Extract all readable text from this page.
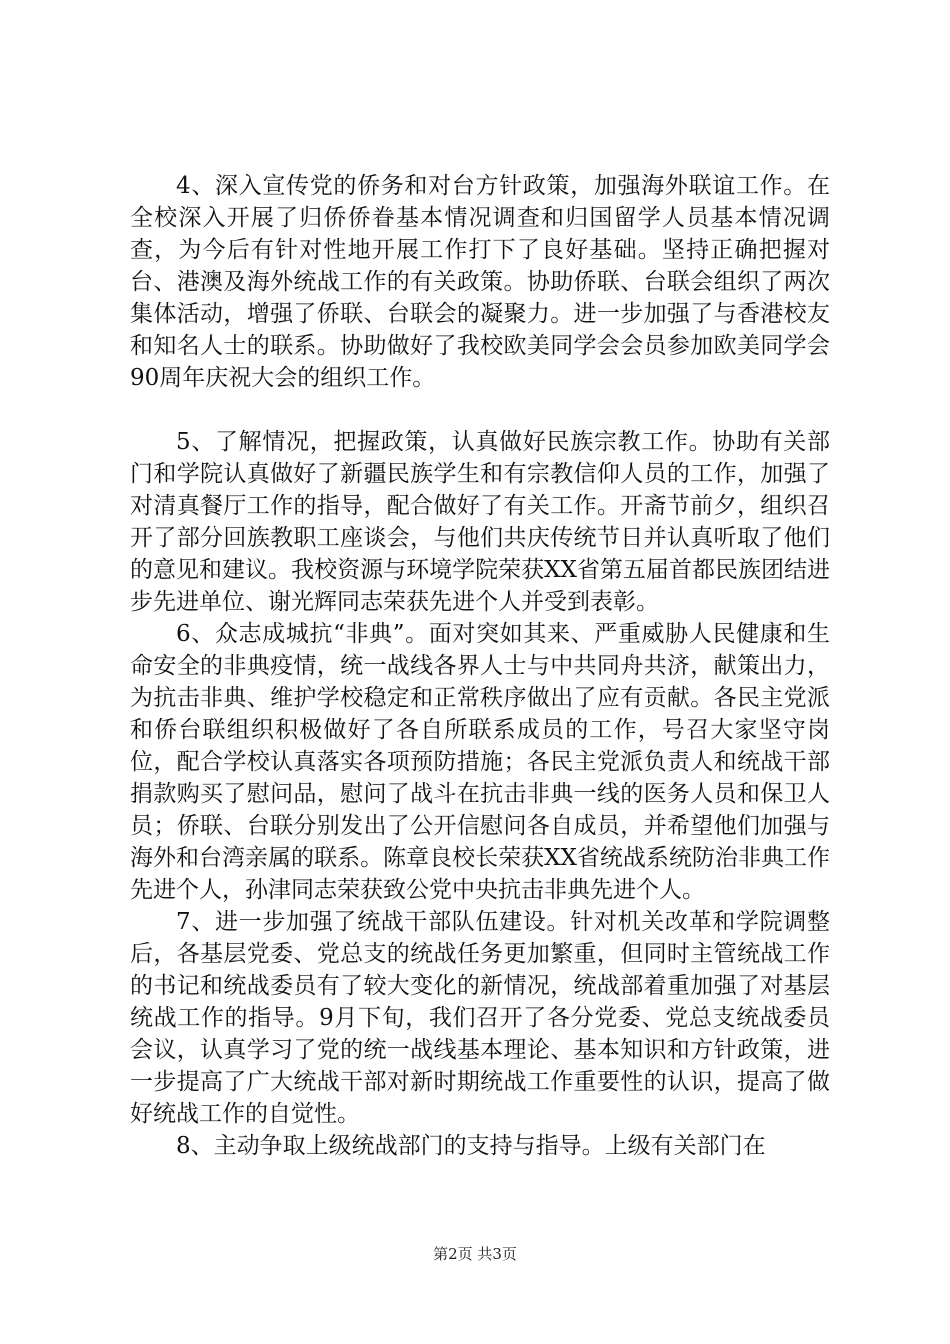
4、深入宣传党的侨务和对台方针政策，加强海外联谊工作。在全校深入开展了归侨侨眷基本情况调查和归国留学人员基本情况调查，为今后有针对性地开展工作打下了良好基础。坚持正确把握对台、港澳及海外统战工作的有关政策。协助侨联、台联会组织了两次集体活动，增强了侨联、台联会的凝聚力。进一步加强了与香港校友和知名人士的联系。协助做好了我校欧美同学会会员参加欧美同学会90周年庆祝大会的组织工作。

5、了解情况，把握政策，认真做好民族宗教工作。协助有关部门和学院认真做好了新疆民族学生和有宗教信仰人员的工作，加强了对清真餐厅工作的指导，配合做好了有关工作。开斋节前夕，组织召开了部分回族教职工座谈会，与他们共庆传统节日并认真听取了他们的意见和建议。我校资源与环境学院荣获XX省第五届首都民族团结进步先进单位、谢光辉同志荣获先进个人并受到表彰。

6、众志成城抗“非典”。面对突如其来、严重威胁人民健康和生命安全的非典疫情，统一战线各界人士与中共同舟共济，献策出力，为抗击非典、维护学校稳定和正常秩序做出了应有贡献。各民主党派和侨台联组织积极做好了各自所联系成员的工作，号召大家坚守岗位，配合学校认真落实各项预防措施；各民主党派负责人和统战干部捐款购买了慰问品，慰问了战斗在抗击非典一线的医务人员和保卫人员；侨联、台联分别发出了公开信慰问各自成员，并希望他们加强与海外和台湾亲属的联系。陈章良校长荣获XX省统战系统防治非典工作先进个人，孙津同志荣获致公党中央抗击非典先进个人。

7、进一步加强了统战干部队伍建设。针对机关改革和学院调整后，各基层党委、党总支的统战任务更加繁重，但同时主管统战工作的书记和统战委员有了较大变化的新情况，统战部着重加强了对基层统战工作的指导。9月下旬，我们召开了各分党委、党总支统战委员会议，认真学习了党的统一战线基本理论、基本知识和方针政策，进一步提高了广大统战干部对新时期统战工作重要性的认识，提高了做好统战工作的自觉性。

8、主动争取上级统战部门的支持与指导。上级有关部门在

第2页 共3页
